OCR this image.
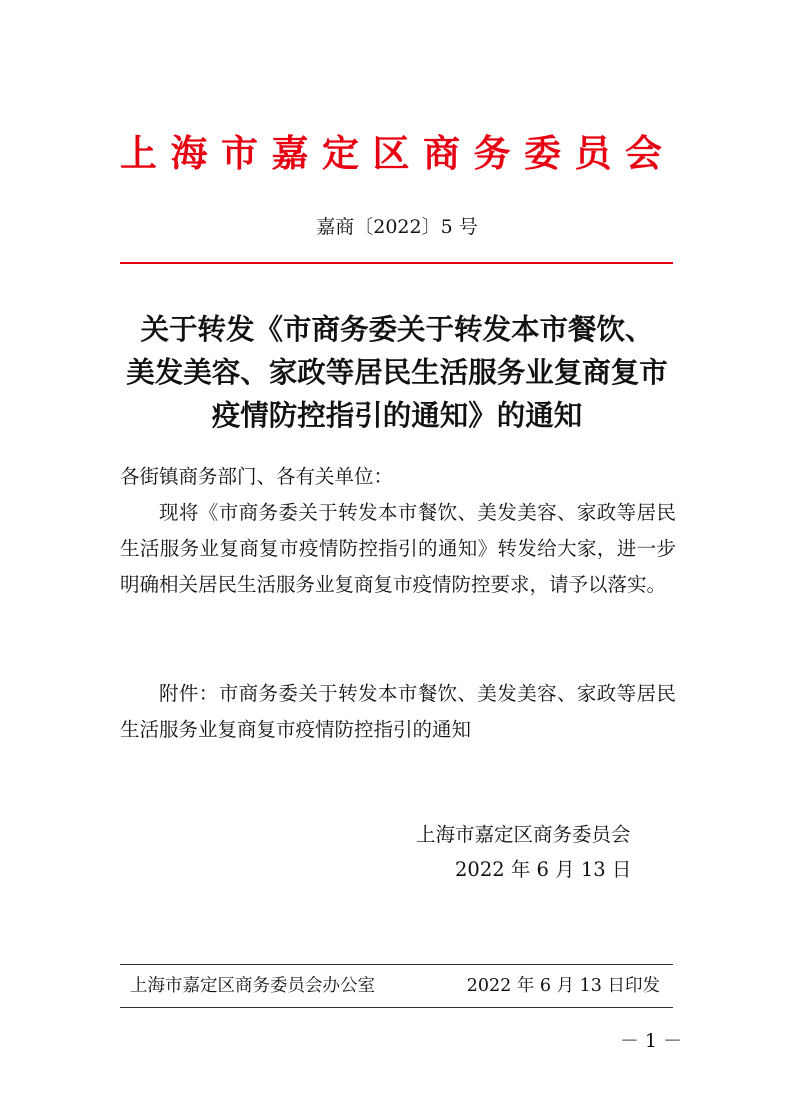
上海市嘉定区商务委员会
嘉商〔2022〕5 号
关于转发《市商务委关于转发本市餐饮、
美发美容、家政等居民生活服务业复商复市
疫情防控指引的通知》的通知
各街镇商务部门、各有关单位：
现将《市商务委关于转发本市餐饮、美发美容、家政等居民生活服务业复商复市疫情防控指引的通知》转发给大家，进一步明确相关居民生活服务业复商复市疫情防控要求，请予以落实。
附件：市商务委关于转发本市餐饮、美发美容、家政等居民生活服务业复商复市疫情防控指引的通知
上海市嘉定区商务委员会
2022 年 6 月 13 日
上海市嘉定区商务委员会办公室	2022 年 6 月 13 日印发
－ 1 －
